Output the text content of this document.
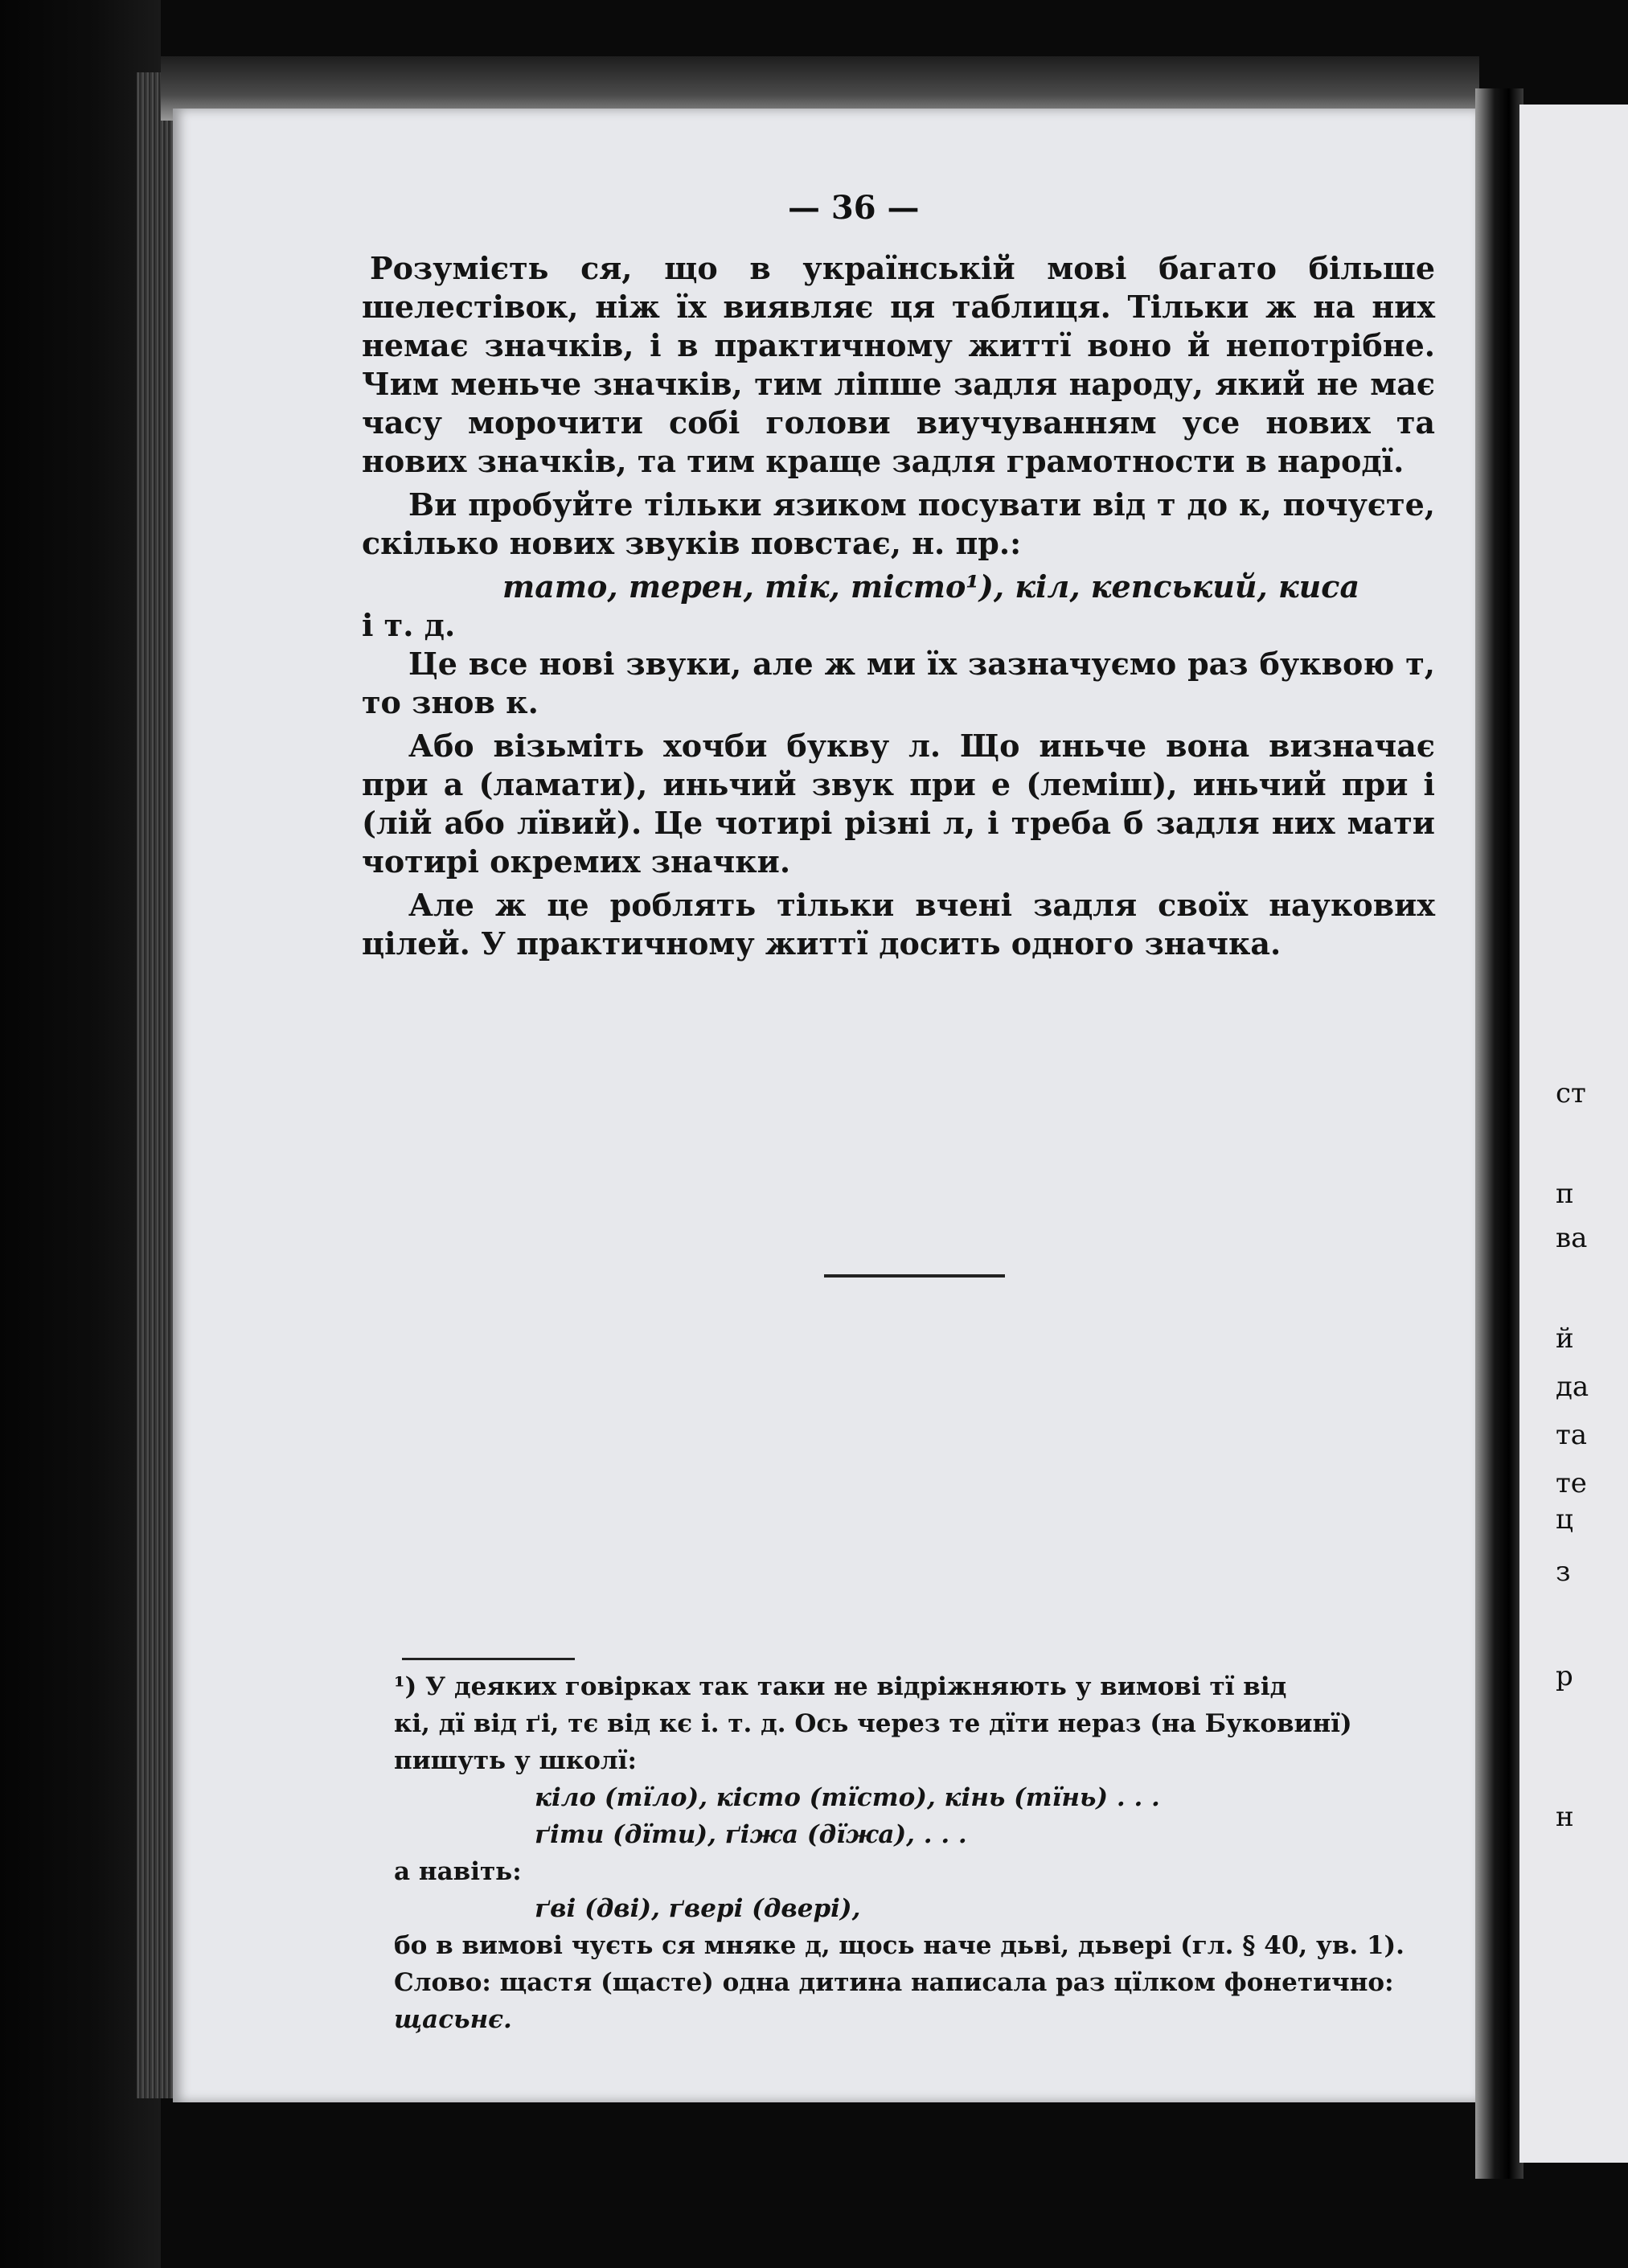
ст
п
ва
й
да
та
те
ц
з
р
н
— 36 —

Розумієть ся, що в українській мові багато більше шелестівок, ніж їх виявляє ця таблиця. Тільки ж на них немає значків, і в практичному життї воно й непотрібне. Чим меньче значків, тим ліпше задля народу, який не має часу морочити собі голови виучуванням усе нових та нових значків, та тим краще задля грамотности в народї.

Ви пробуйте тільки язиком посувати від т до к, почуєте, скілько нових звуків повстає, н. пр.:

тато, терен, тік, тісто¹), кіл, кепський, киса
і т. д.

Це все нові звуки, але ж ми їх зазначуємо раз буквою т, то знов к.

Або візьміть хочби букву л. Що иньче вона визначає при а (ламати), иньчий звук при е (леміш), иньчий при і (лій або лївий). Це чотирі різні л, і треба б задля них мати чотирі окремих значки.

Але ж це роблять тільки вчені задля своїх наукових цілей. У практичному життї досить одного значка.

¹) У деяких говірках так таки не відріжняють у вимові тї від
кі, дї від ґі, тє від кє і. т. д. Ось через те дїти нераз (на Буковинї)
пишуть у школї:
кіло (тїло), кісто (тїсто), кінь (тїнь) . . .
ґіти (дїти), ґіжа (дїжа), . . .
а навіть:
ґві (дві), ґвері (двері),
бо в вимові чуєть ся мняке д, щось наче дьві, дьвері (гл. § 40, ув. 1).
Слово: щастя (щасте) одна дитина написала раз цїлком фонетично:
щасьнє.
